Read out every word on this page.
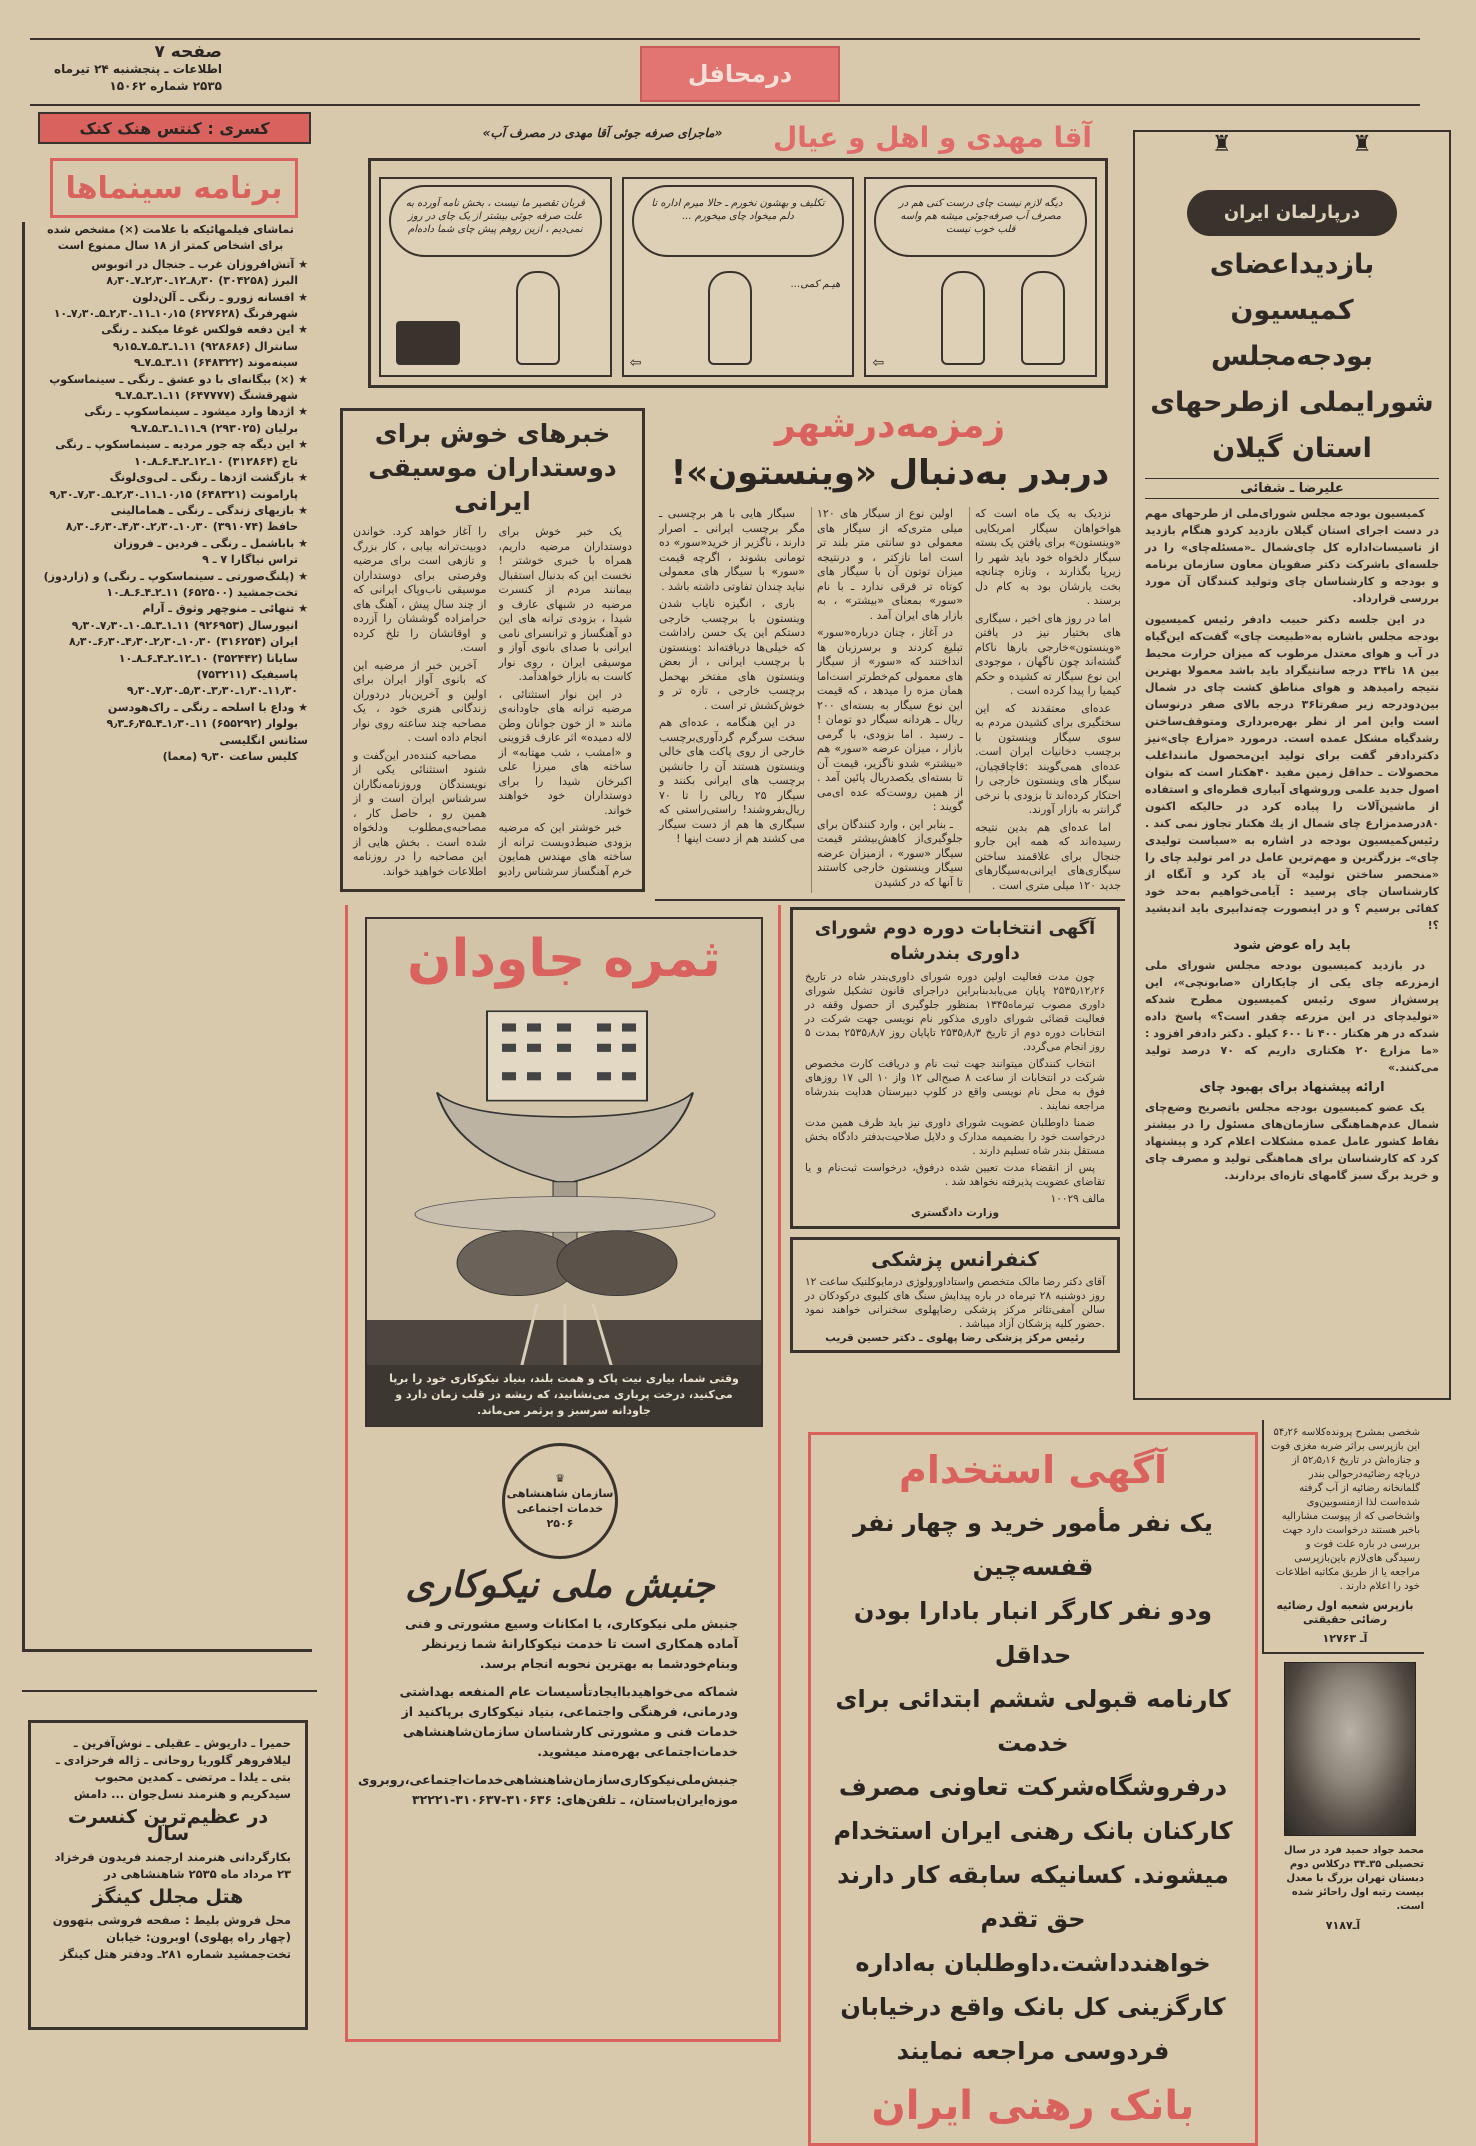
صفحه ۷
اطلاعات ـ پنجشنبه ۲۴ تیرماه
۲۵۳۵ شماره ۱۵۰۶۲	درمحافل
کسری : کنتس هنک کنک
برنامه سینماها
تماشای فیلمهائیکه با علامت (×) مشخص شده برای اشخاص کمتر از ۱۸ سال ممنوع است
★ آتش‌افروزان غرب ـ جنجال در اتوبوس
البرز (۳۰۴۲۵۸) ۸٫۳۰ـ۱۲ـ۲٫۳۰ـ۷ـ۸٫۳۰
★ افسانه زورو ـ رنگی ـ آلن‌دلون
شهرفرنگ (۶۲۷۶۲۸) ۱۰٫۱۵ـ۱۱ـ۲٫۳۰ـ۵ـ۷٫۳۰ـ۱۰
★ این دفعه فولکس غوغا میکند ـ رنگی
سانترال (۹۲۸۶۸۶) ۱۱ـ۱ـ۳ـ۵ـ۷ـ۹٫۱۵
سینه‌موند (۶۴۸۳۲۲) ۱۱ـ۳ـ۵ـ۷ـ۹
★ (×) بیگانه‌ای با دو عشق ـ رنگی ـ سینماسکوپ
شهرقشنگ (۶۴۷۷۷۷) ۱۱ـ۱ـ۳ـ۵ـ۷ـ۹
★ اژدها وارد میشود ـ سینماسکوپ ـ رنگی
برلیان (۲۹۳۰۲۵) ۹ـ۱۱ـ۱ـ۳ـ۵ـ۷ـ۹
★ این دیگه چه جور مردیه ـ سینماسکوپ ـ رنگی
تاج (۳۱۲۸۶۴) ۱۰ـ۱۲ـ۲ـ۴ـ۶ـ۸ـ۱۰
★ بازگشت اژدها ـ رنگی ـ لی‌وی‌لونگ
پارامونت (۶۴۸۳۲۱) ۱۰٫۱۵ـ۱۱ـ۲٫۳۰ـ۵ـ۷٫۳۰ـ۹٫۳۰
★ بازیهای زندگی ـ رنگی ـ همامالینی
حافظ (۳۹۱۰۷۴) ۱۰٫۳۰ـ۲٫۳۰ـ۴٫۳۰ـ۶٫۳۰ـ۸٫۳۰
★ باباشمل ـ رنگی ـ فردین ـ فروزان
تراس نیاگارا ۷ ـ ۹
★ (پلنگ‌صورتی ـ سینماسکوپ ـ رنگی) و (زاردوز)
تخت‌جمشید (۶۵۲۵۰۰) ۱۱ـ۲ـ۴ـ۶ـ۸ـ۱۰
★ تنهائی ـ منوچهر وثوق ـ آرام
انیورسال (۹۲۶۹۵۳) ۱۱ـ۱ـ۳ـ۵ـ۱۰ـ۷٫۳۰ـ۹٫۳۰
ایران (۳۱۶۲۵۴) ۱۰٫۳۰ـ۲٫۳۰ـ۴٫۳۰ـ۶٫۳۰ـ۸٫۳۰
سایانا (۳۵۲۴۴۲) ۱۰ـ۱۲ـ۲ـ۴ـ۶ـ۸ـ۱۰
پاسیفیک (۷۵۳۲۱۱) ۱۱٫۳۰ـ۱٫۳۰ـ۳٫۳۰ـ۵٫۳۰ـ۷٫۳۰ـ۹٫۳۰
★ وداع با اسلحه ـ رنگی ـ راک‌هودسن
بولوار (۶۵۵۲۹۲) ۱۱ـ۱٫۳۰ـ۴ـ۶٫۴۵ـ۹٫۳
سئانس انگلیسی
کلیس ساعت ۹٫۳۰ (معما)
حمیرا ـ داریوش ـ عقیلی ـ نوش‌آفرین ـ لیلافروهر گلوریا روحانی ـ ژاله فرحزادی ـ بتی ـ یلدا ـ مرتضی ـ کمدین محبوب سیدکریم و هنرمند نسل‌جوان ... دامش
در عظیم‌ترین کنسرت سال
بکارگردانی هنرمند ارجمند فریدون فرخزاد ۲۳ مرداد ماه ۲۵۳۵ شاهنشاهی در
هتل مجلل کینگز
محل فروش بلیط : صفحه فروشی بتهوون (چهار راه پهلوی) اوبرون: خیابان تخت‌جمشید شماره ۲۸۱ـ ودفتر هتل کینگز
آقا مهدی و اهل و عیال
«ماجرای صرفه جوئی آقا مهدی در مصرف آب»
دیگه لازم نیست چای درست کنی هم در مصرف آب صرفه‌جوئی میشه هم واسه قلب خوب نیست
⇦
تکلیف و بهشون نخورم ـ حالا میرم اداره تا دلم میخواد چای میخورم ...
هیـم کمی...
⇦
قربان تقصیر ما نیست ، بخش نامه آورده به علت صرفه جوئی بیشتر از یک چای در روز نمی‌دیم ، ازین روهم پیش چای شما داده‌ام
خبرهای خوش برای دوستداران موسیقی ایرانی

یک خبر خوش برای دوستداران مرضیه داریم، همراه با خبری خوشتر ! نخست این که بدنبال استقبال بیمانند مردم از کنسرت مرضیه در شبهای عارف و شیدا ، بزودی ترانه های این دو آهنگساز و ترانسرای نامی ایرانی با صدای بانوی آواز و موسیقی ایران ، روی نوار کاست به بازار خواهدآمد.

در این نوار استثنائی ، مرضیه ترانه های جاودانه‌ی مانند « از خون جوانان وطن لاله دمیده» اثر عارف قزوینی و «امشب ، شب مهتابه» از ساخته های میرزا علی اکبرخان شیدا را برای دوستداران خود خواهند خواند.

خبر خوشتر این که مرضیه بزودی ضبط‌دوبست ترانه از ساخته های مهندس همایون خرم آهنگساز سر‌شناس رادیو را آغاز خواهد کرد. خواندن دوبیت‌ترانه بیابی ، کار بزرگ و تازهی است برای مرضیه وفرصتی برای دوستداران موسیقی ناب‌وپاک ایرانی که از چند سال پیش ، آهنگ های حرامزاده گوششان را آزرده و اوقاتشان را تلخ کرده است.

آخرین خبر از مرضیه این که بانوی آواز ایران برای اولین و آخرین‌بار دردوران زندگانی هنری خود ، یک مصاحبه چند ساعته روی نوار انجام داده است .

مصاحبه کننده‌در این‌گفت و شنود استثنائی یکی از نویسندگان وروزنامه‌نگاران سرشناس ایران است و از همین رو ، حاصل کار ، مصاحبه‌ی‌مطلوب ودلخواه شده است . بخش هایی از این مصاحبه را در روزنامه اطلاعات خواهید خواند.

زمزمه‌درشهر
دربدر به‌دنبال «وینستون»!

نزدیک به یک ماه است که هواخواهان سیگار امریکایی «وینستون» برای یافتن یک بسته سیگار دلخواه خود باید شهر را زیرپا بگذارند ، وتازه چنانچه بخت یارشان بود به کام دل برسند .

اما در روز های اخیر ، سیگاری های بختیار نیز در یافتن «وینستون»خارجی بارها ناکام گشته‌اند چون ناگهان ، موجودی این نوع سیگار ته کشیده و حکم کیمیا را پیدا کرده است .

عده‌ای معتقدند که این سختگیری برای کشیدن مردم به سوی سیگار وینستون با برچسب دخانیات ایران است. عده‌ای همی‌گویند :قاچاقچیان، سیگار های وینستون خارجی را احتکار کرده‌اند تا بزودی با نرخی گرانتر به بازار آورند.

اما عده‌ای هم بدین نتیجه رسیده‌اند که همه این جارو جنجال برای علاقمند ساختن سیگاری‌های ایرانی‌به‌سیگارهای جدید ۱۲۰ میلی متری است .

اولین نوع از سیگار های ۱۲۰ میلی متری‌که از سیگار های معمولی دو سانتی متر بلند تر است اما نازکتر ، و درنتیجه میزان توتون آن با سیگار های کوتاه تر فرقی ندارد ـ با نام «سور» بمعنای «بیشتر» ، به بازار های ایران آمد .

در آغاز ، چنان درباره‌«سور» تبلیغ کردند و برسرزبان ها انداختند که «سور» از سیگار های معمولی کم‌خطرتر است‌اما همان مزه را میدهد ، که قیمت این نوع سیگار به بسته‌ای ۲۰۰ ریال ـ هردانه سیگار دو تومان ! ـ رسید . اما بزودی، با گرمی بازار ، میزان عرضه «سور» هم «بیشتر» شدو ناگزیر، قیمت آن تا بسته‌ای یکصدریال پائین آمد . از همین روست‌که عده ای‌می گویند :

ـ بنابر این ، وارد کنندگان برای جلوگیری‌از کاهش‌بیشتر قیمت سیگار «سور» ، ازمیزان عرضه سیگار وینستون خارجی کاستند تا آنها که در کشیدن

سیگار هایی با هر برچسبی ـ مگر برچسب ایرانی ـ اصرار دارند ، ناگزیر از خرید«سور» ده تومانی بشوند ، اگرچه قیمت «سور» با سیگار های معمولی نباید چندان تفاوتی داشته باشد .

باری ، انگیزه نایاب شدن وینستون با برچسب خارجی دستکم این یک حسن راداشت که خیلی‌ها دریافته‌اند :وینستون با برچسب ایرانی ، از بعض وینستون های مفتخر بهحمل برچسب خارجی ، تازه تر و خوش‌کشش تر است .

در این هنگامه ، عده‌ای هم سخت سرگرم گردآوری‌برچسب خارجی از روی پاکت های خالی وینستون هستند آن را جانشین برچسب های ایرانی بکنند و سیگار ۲۵ ریالی را تا ۷۰ ریال‌بفروشند! راستی‌راستی که سیگاری ها هم از دست سیگار می کشند هم از دست اینها !

ثمره جاودان
وقتی شما، بیاری نیت پاک و همت بلند، بنیاد نیکوکاری خود را برپا می‌کنید، درخت پرباری می‌نشانید، که ریشه در قلب زمان دارد و جاودانه سرسبز و پرثمر می‌ماند.
♛
سازمان شاهنشاهی
خدمات اجتماعی
۲۵۰۶
جنبش ملی نیکوکاری

جنبش ملی نیکوکاری، با امکانات وسیع مشورتی و فنی آماده همکاری است تا خدمت نیکوکارانهٔ شما زیرنظر وبنام‌خودشما به بهترین نحوبه انجام برسد.

شماکه می‌خواهید‌باایجاد‌تأسیسات عام المنفعه بهداشتی ودرمانی، فرهنگی واجتماعی، بنیاد نیکوکاری برپاکنید از خدمات فنی و مشورتی کارشناسان سازمان‌شاهنشاهی خدمات‌اجتماعی بهره‌مند میشوید.

جنبش‌ملی‌نیکوکاری‌سازمان‌شاهنشاهی‌خدمات‌اجتماعی،روبروی موزه‌ایران‌باستان، ـ تلفن‌های: ۳۱۰۶۳۶-۳۱۰۶۳۷-۳۲۲۲۱

آگهی انتخابات دوره دوم شورای داوری بندرشاه

چون مدت فعالیت اولین دوره شورای داوری‌بندر شاه در تاریخ ۲۵۳۵٫۱۲٫۲۶ پایان می‌یابدبنابراین دراجرای قانون تشکیل شورای داوری مصوب تیرماه۱۳۴۵ بمنظور جلوگیری از حصول وقفه در فعالیت قضائی شورای داوری مذکور نام نویسی جهت شرکت در انتخابات دوره دوم از تاریخ ۲۵۳۵٫۸٫۳ تاپایان روز ۲۵۳۵٫۸٫۷ بمدت ۵ روز انجام می‌گردد.

انتخاب کنندگان میتوانند جهت ثبت نام و دریافت کارت مخصوص شرکت در انتخابات از ساعت ۸ صبح‌الی ۱۲ واز ۱۰ الی ۱۷ روزهای فوق به محل نام نویسی واقع در کلوپ دبیرستان هدایت بندرشاه مراجعه نمایند .

ضمنا داوطلبان عضویت شورای داوری نیز باید ظرف همین مدت درخواست خود را بضمیمه مدارک و دلایل صلاحیت‌بدفتر دادگاه بخش مستقل بندر شاه تسلیم دارند .

پس از انقضاء مدت تعیین شده درفوق، درخواست ثبت‌نام و یا تقاضای عضویت پذیرفته نخواهد شد .

مالف ۱۰۰۲۹
وزارت دادگستری
کنفرانس پزشکی
آقای دکتر رضا مالک متخصص واستاداورولوژی درمایوکلنیک ساعت ۱۲ روز دوشنبه ۲۸ تیرماه در باره پیدایش سنگ های کلیوی درکودکان در سالن آمفی‌تئاتر مرکز پزشکی رضاپهلوی سخنرانی خواهند نمود .حضور کلیه پزشکان آزاد میباشد .
رئیس مرکز پزشکی رضا پهلوی ـ دکتر حسین قریب
آگهی استخدام
یک نفر مأمور خرید و چهار نفر قفسه‌چین
ودو نفر کارگر انبار بادارا بودن حداقل
کارنامه قبولی ششم ابتدائی برای خدمت
درفروشگاه‌شرکت تعاونی مصرف
کارکنان بانک رهنی ایران استخدام
میشوند. کسانیکه سابقه کار دارند حق تقدم
خواهندداشت.داوطلبان به‌اداره
کارگزینی کل بانک واقع درخیابان
فردوسی مراجعه نمایند
بانک رهنی ایران
♜
♜
درپارلمان ایران
بازدیداعضای کمیسیون بودجه‌مجلس شورایملی ازطرحهای استان گیلان
علیرضا ـ شفائی

کمیسیون بودجه مجلس شورای‌ملی از طرحهای مهم در دست اجرای استان گیلان بازدید کردو هنگام بازدید از تاسیسات‌اداره کل چای‌شمال ـ«مسئله‌چای» را در جلسه‌ای باشرکت دکتر صفویان معاون سازمان برنامه و بودجه و کارشناسان چای وتولید کنندگان آن‌ مورد بررسی قرارداد.

در این جلسه دکتر حبیب دادفر رئیس کمیسیون بودجه مجلس باشاره به«طبیعت چای» گفت‌که این‌گیاه در آب و هوای معتدل مرطوب که میزان حرارت محیط بین ۱۸ تا۳۴ درجه سانتیگراد باید باشد معمولا بهترین نتیجه رامیدهد و هوای مناطق کشت چای در شمال بین‌دودرجه زیر صفرتا۳۶ درجه بالای صفر درنوسان است واین امر از نظر بهره‌برداری ومتوقف‌ساختن رشدگیاه مشکل عمده است. درمورد «مزارع چای»نیز دکتردادفر گفت برای تولید این‌محصول مانندا‌غلب محصولات ـ حداقل زمین مفید ۴۰هکتار است که بتوان اصول جدید علمی وروشهای آبیاری قطره‌ای و استفاده از ماشین‌آلات را پیاده کرد در حالیکه اکنون ۸۰درصدمزارع چای شمال از یك هکتار تجاوز نمی کند . رئیس‌کمیسیون بودجه‌ در اشاره به «سیاست تولیدی چای»ـ بزرگترین و مهم‌ترین عامل در امر تولید چای را «منحصر ساختن تولید» آن یاد کرد و آنگاه از کارشناسان چای پرسید : آیامی‌خواهیم به‌حد خود کفائی برسیم ؟ و در اینصورت چه‌تدابیری باید اندیشید ؟!

باید راه عوض شود

در بازدید کمیسیون بودجه مجلس شورای ملی ازمزرعه چای یکی از چایکاران «صابونچی»، این پرسش‌از سوی رئیس کمیسیون مطرح شد‌که «تولید‌چای در این مزرعه چقدر است؟» پاسخ داده شد‌که در هر هکتار ۴۰۰ تا ۶۰۰ کیلو . دکتر دادفر افزود : «ما مزارع ۲۰ هکتاری داریم که ۷۰ درصد تولید می‌کنند.»

ارائه پیشنهاد برای بهبود چای

یک عضو کمیسیون بودجه مجلس باتصریح وضع‌چای شمال عدم‌هماهنگی سازمان‌های مسئول را در بیشتر نقاط کشور عامل عمده مشکلات اعلام کرد و پیشنهاد کرد که کارشناسان برای هماهنگی تولید و مصرف چای و خرید برگ سبز گامهای تازه‌ای بردارند.

شخصی بمشرح پرونده‌کلاسه ۵۴٫۲۶ این بازپرسی براثر ضربه مغزی فوت و جنازه‌اش در تاریخ ۵۲٫۵٫۱۶ از دریاچه رضائیه‌درحوالی بندر گلمانخانه رضائیه از آب گرفته شده‌است لذا ازمنسوبین‌وی واشخاصی که از پیوست مشارالیه باخبر هستند درخواست دارد جهت بررسی در باره علت فوت و رسیدگی های‌لازم باین‌بازپرسی مراجعه یا از طریق مکاتبه اطلاعات خود را اعلام دارند .
بازپرس شعبه اول رضائیه رضائی حقیقتی
آـ ۱۲۷۶۳
محمد جواد حمید فرد در سال تحصیلی ۳۵ـ۳۴ درکلاس دوم دبستان تهران بزرگ با معدل بیست رتبه اول راحائز شده است.
آـ۷۱۸۷
